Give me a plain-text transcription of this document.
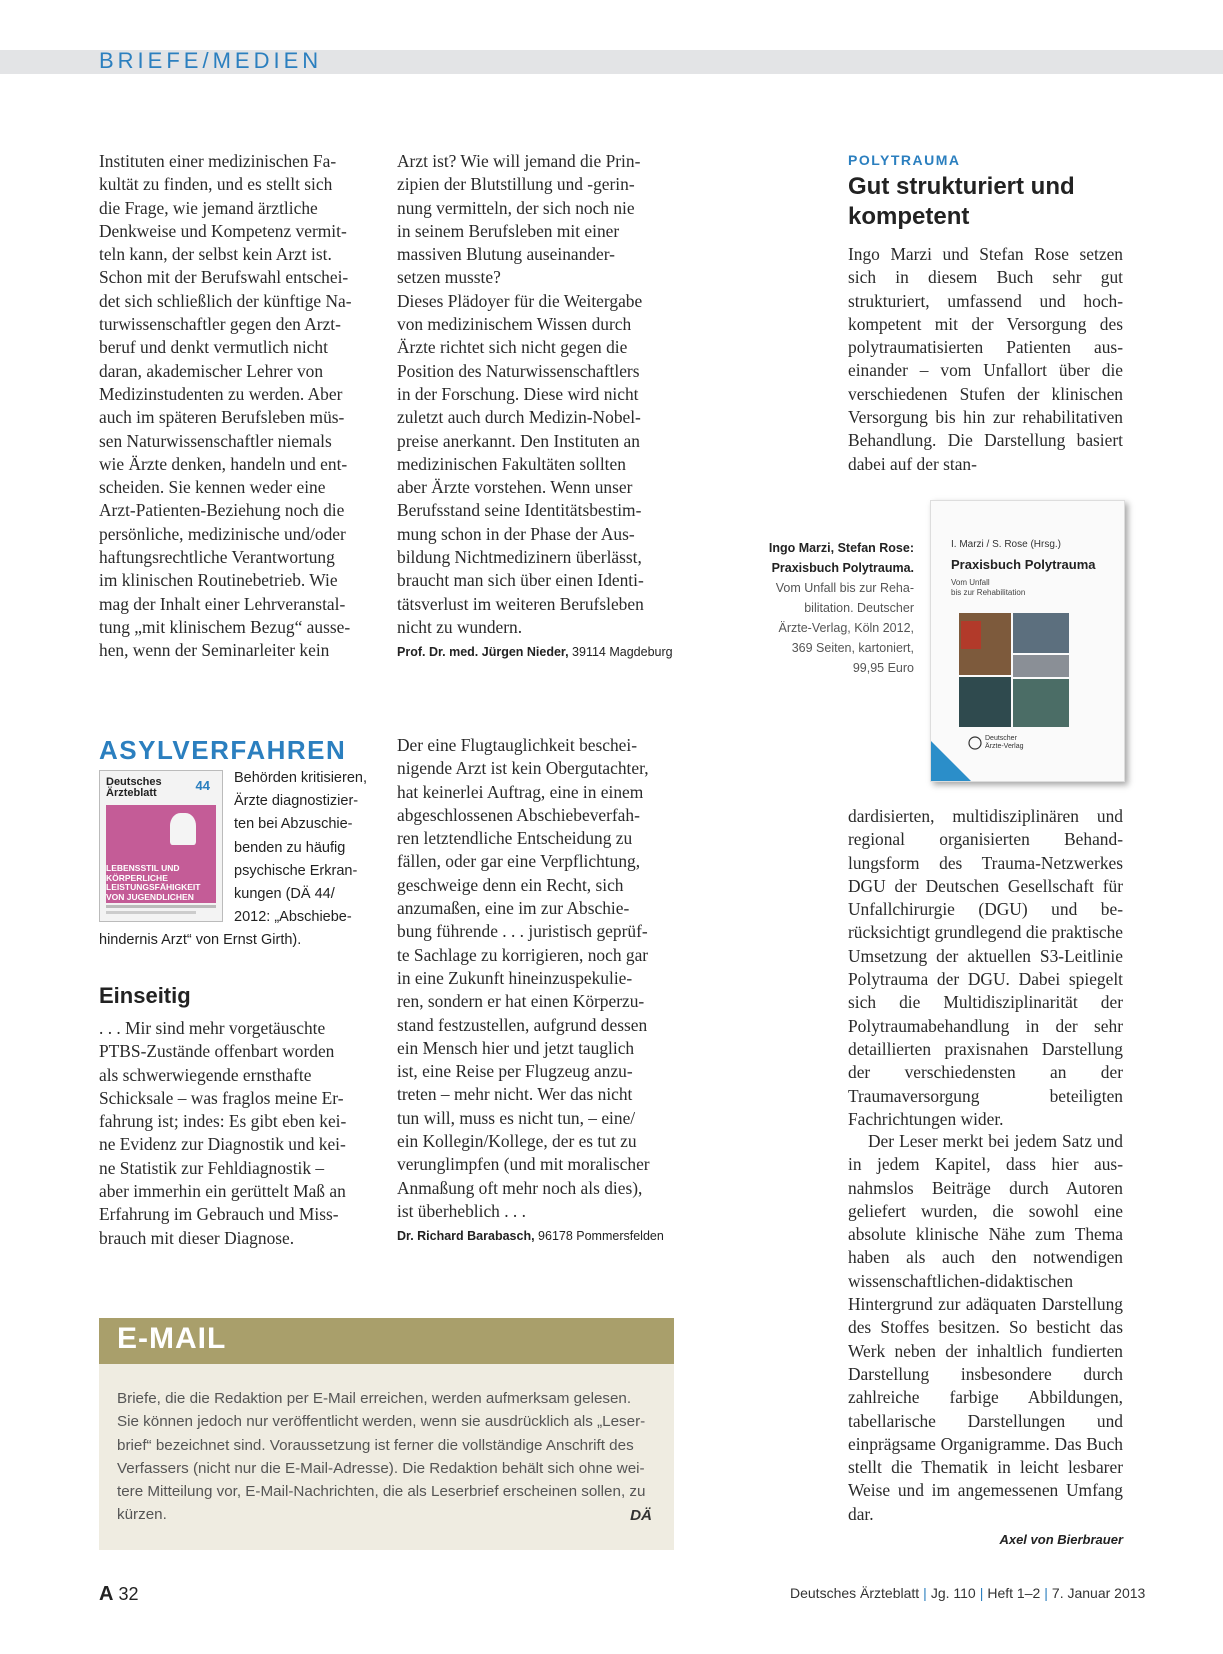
BRIEFE/MEDIEN
Instituten einer medizinischen Fa-
kultät zu finden, und es stellt sich
die Frage, wie jemand ärztliche
Denkweise und Kompetenz vermit-
teln kann, der selbst kein Arzt ist.
Schon mit der Berufswahl entschei-
det sich schließlich der künftige Na-
turwissenschaftler gegen den Arzt-
beruf und denkt vermutlich nicht
daran, akademischer Lehrer von
Medizinstudenten zu werden. Aber
auch im späteren Berufsleben müs-
sen Naturwissenschaftler niemals
wie Ärzte denken, handeln und ent-
scheiden. Sie kennen weder eine
Arzt-Patienten-Beziehung noch die
persönliche, medizinische und/oder
haftungsrechtliche Verantwortung
im klinischen Routinebetrieb. Wie
mag der Inhalt einer Lehrveranstal-
tung „mit klinischem Bezug“ ausse-
hen, wenn der Seminarleiter kein
Arzt ist? Wie will jemand die Prin-
zipien der Blutstillung und -gerin-
nung vermitteln, der sich noch nie
in seinem Berufsleben mit einer
massiven Blutung auseinander-
setzen musste?
Dieses Plädoyer für die Weitergabe
von medizinischem Wissen durch
Ärzte richtet sich nicht gegen die
Position des Naturwissenschaftlers
in der Forschung. Diese wird nicht
zuletzt auch durch Medizin-Nobel-
preise anerkannt. Den Instituten an
medizinischen Fakultäten sollten
aber Ärzte vorstehen. Wenn unser
Berufsstand seine Identitätsbestim-
mung schon in der Phase der Aus-
bildung Nichtmedizinern überlässt,
braucht man sich über einen Identi-
tätsverlust im weiteren Berufsleben
nicht zu wundern.
Prof. Dr. med. Jürgen Nieder, 39114 Magdeburg
POLYTRAUMA
Gut strukturiert und kompetent
Ingo Marzi und Stefan Rose setzen sich in diesem Buch sehr gut strukturiert, umfassend und hochkompetent mit der Versorgung des polytraumatisierten Patienten auseinander – vom Unfallort über die verschiedenen Stufen der klinischen Versorgung bis hin zur rehabilitativen Behandlung. Die Darstellung basiert dabei auf der stan-
Ingo Marzi, Stefan Rose: Praxisbuch Polytrauma.
Vom Unfall bis zur Reha-
bilitation. Deutscher
Ärzte-Verlag, Köln 2012,
369 Seiten, kartoniert,
99,95 Euro
I. Marzi / S. Rose (Hrsg.)
Praxisbuch Polytrauma
Vom Unfall
bis zur Rehabilitation
Deutscher
Ärzte-Verlag
dardisierten, multidisziplinären und regional organisierten Behandlungsform des Trauma-Netzwerkes DGU der Deutschen Gesellschaft für Unfallchirurgie (DGU) und berücksichtigt grundlegend die praktische Umsetzung der aktuellen S3-Leitlinie Polytrauma der DGU. Dabei spiegelt sich die Multidisziplinarität der Polytraumabehandlung in der sehr detaillierten praxisnahen Darstellung der verschiedensten an der Traumaversorgung beteiligten Fachrichtungen wider.
Der Leser merkt bei jedem Satz und in jedem Kapitel, dass hier ausnahmslos Beiträge durch Autoren geliefert wurden, die sowohl eine absolute klinische Nähe zum Thema haben als auch den notwendigen wissenschaftlichen-didaktischen Hintergrund zur adäquaten Darstellung des Stoffes besitzen. So besticht das Werk neben der inhaltlich fundierten Darstellung insbesondere durch zahlreiche farbige Abbildungen, tabellarische Darstellungen und einprägsame Organigramme. Das Buch stellt die Thematik in leicht lesbarer Weise und im angemessenen Umfang dar.
Axel von Bierbrauer
ASYLVERFAHREN
Deutsches
Ärzteblatt	44
LEBENSSTIL UND
KÖRPERLICHE
LEISTUNGSFÄHIGKEIT
VON JUGENDLICHEN
Behörden kritisieren,
Ärzte diagnostizier-
ten bei Abzuschie-
benden zu häufig
psychische Erkran-
kungen (DÄ 44/
2012: „Abschiebe-
hindernis Arzt“ von Ernst Girth).
Einseitig
. . . Mir sind mehr vorgetäuschte
PTBS-Zustände offenbart worden
als schwerwiegende ernsthafte
Schicksale – was fraglos meine Er-
fahrung ist; indes: Es gibt eben kei-
ne Evidenz zur Diagnostik und kei-
ne Statistik zur Fehldiagnostik –
aber immerhin ein gerüttelt Maß an
Erfahrung im Gebrauch und Miss-
brauch mit dieser Diagnose.
Der eine Flugtauglichkeit beschei-
nigende Arzt ist kein Obergutachter,
hat keinerlei Auftrag, eine in einem
abgeschlossenen Abschiebeverfah-
ren letztendliche Entscheidung zu
fällen, oder gar eine Verpflichtung,
geschweige denn ein Recht, sich
anzumaßen, eine im zur Abschie-
bung führende . . . juristisch geprüf-
te Sachlage zu korrigieren, noch gar
in eine Zukunft hineinzuspekulie-
ren, sondern er hat einen Körperzu-
stand festzustellen, aufgrund dessen
ein Mensch hier und jetzt tauglich
ist, eine Reise per Flugzeug anzu-
treten – mehr nicht. Wer das nicht
tun will, muss es nicht tun, – eine/
ein Kollegin/Kollege, der es tut zu
verunglimpfen (und mit moralischer
Anmaßung oft mehr noch als dies),
ist überheblich . . .
Dr. Richard Barabasch, 96178 Pommersfelden
E-MAIL
Briefe, die die Redaktion per E-Mail erreichen, werden aufmerksam gelesen.
Sie können jedoch nur veröffentlicht werden, wenn sie ausdrücklich als „Leser-
brief“ bezeichnet sind. Voraussetzung ist ferner die vollständige Anschrift des
Verfassers (nicht nur die E-Mail-Adresse). Die Redaktion behält sich ohne wei-
tere Mitteilung vor, E-Mail-Nachrichten, die als Leserbrief erscheinen sollen, zu
kürzen.	DÄ
A 32	Deutsches Ärzteblatt | Jg. 110 | Heft 1–2 | 7. Januar 2013
